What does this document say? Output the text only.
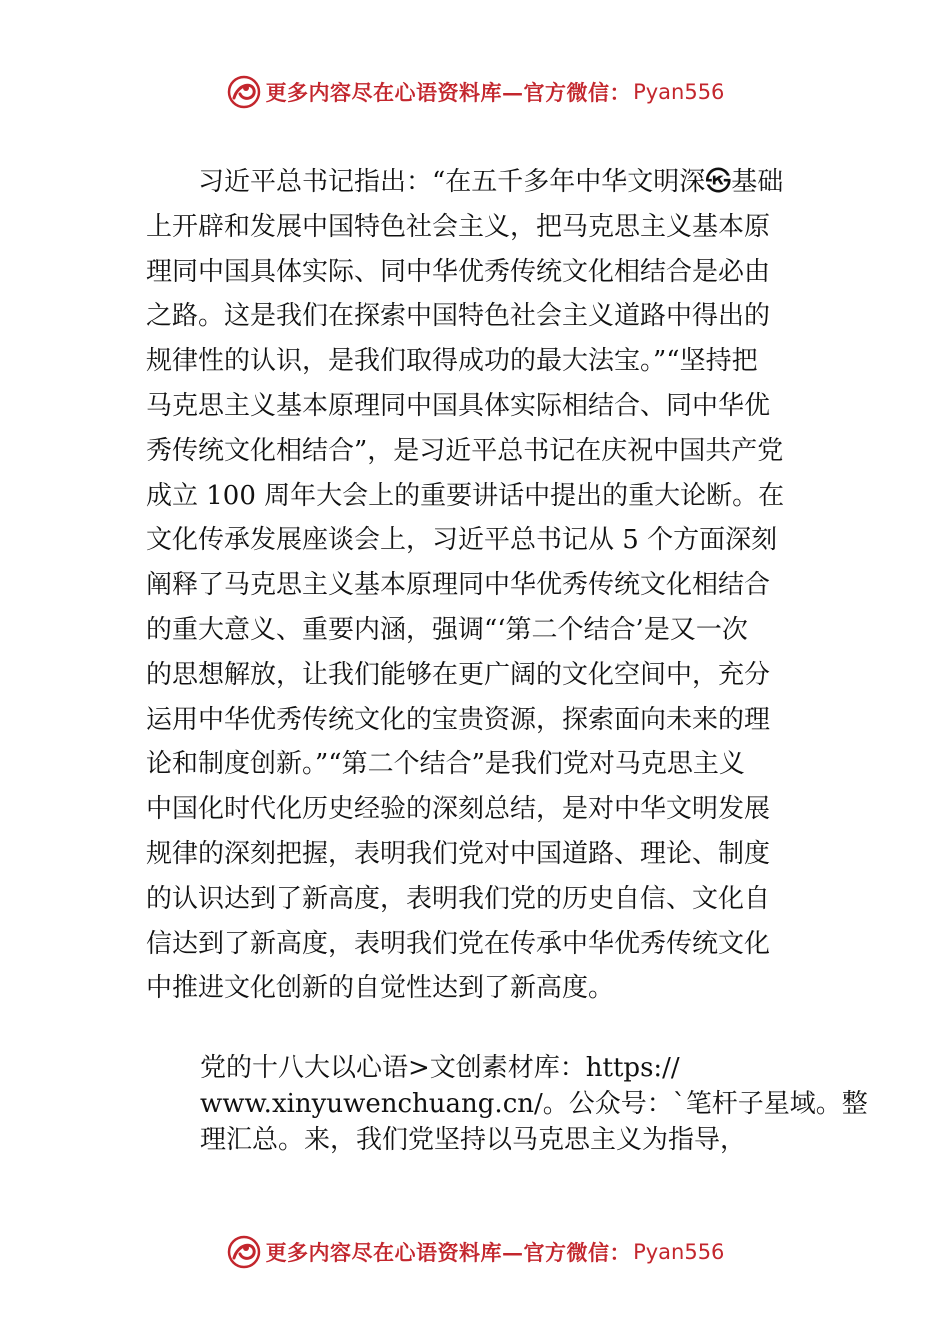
更多内容尽在心语资料库—官方微信： Pyan556
　　习近平总书记指出：“在五千多年中华文明深㉿基础
上开辟和发展中国特色社会主义，把马克思主义基本原
理同中国具体实际、同中华优秀传统文化相结合是必由
之路。这是我们在探索中国特色社会主义道路中得出的
规律性的认识，是我们取得成功的最大法宝。”“坚持把
马克思主义基本原理同中国具体实际相结合、同中华优
秀传统文化相结合”，是习近平总书记在庆祝中国共产党
成立 100 周年大会上的重要讲话中提出的重大论断。在
文化传承发展座谈会上，习近平总书记从 5 个方面深刻
阐释了马克思主义基本原理同中华优秀传统文化相结合
的重大意义、重要内涵，强调“‘第二个结合’是又一次
的思想解放，让我们能够在更广阔的文化空间中，充分
运用中华优秀传统文化的宝贵资源，探索面向未来的理
论和制度创新。”“第二个结合”是我们党对马克思主义
中国化时代化历史经验的深刻总结，是对中华文明发展
规律的深刻把握，表明我们党对中国道路、理论、制度
的认识达到了新高度，表明我们党的历史自信、文化自
信达到了新高度，表明我们党在传承中华优秀传统文化
中推进文化创新的自觉性达到了新高度。
党的十八大以心语>文创素材库：https://
www.xinyuwenchuang.cn/。公众号：`笔杆子星域。整
理汇总。来，我们党坚持以马克思主义为指导，
更多内容尽在心语资料库—官方微信： Pyan556
